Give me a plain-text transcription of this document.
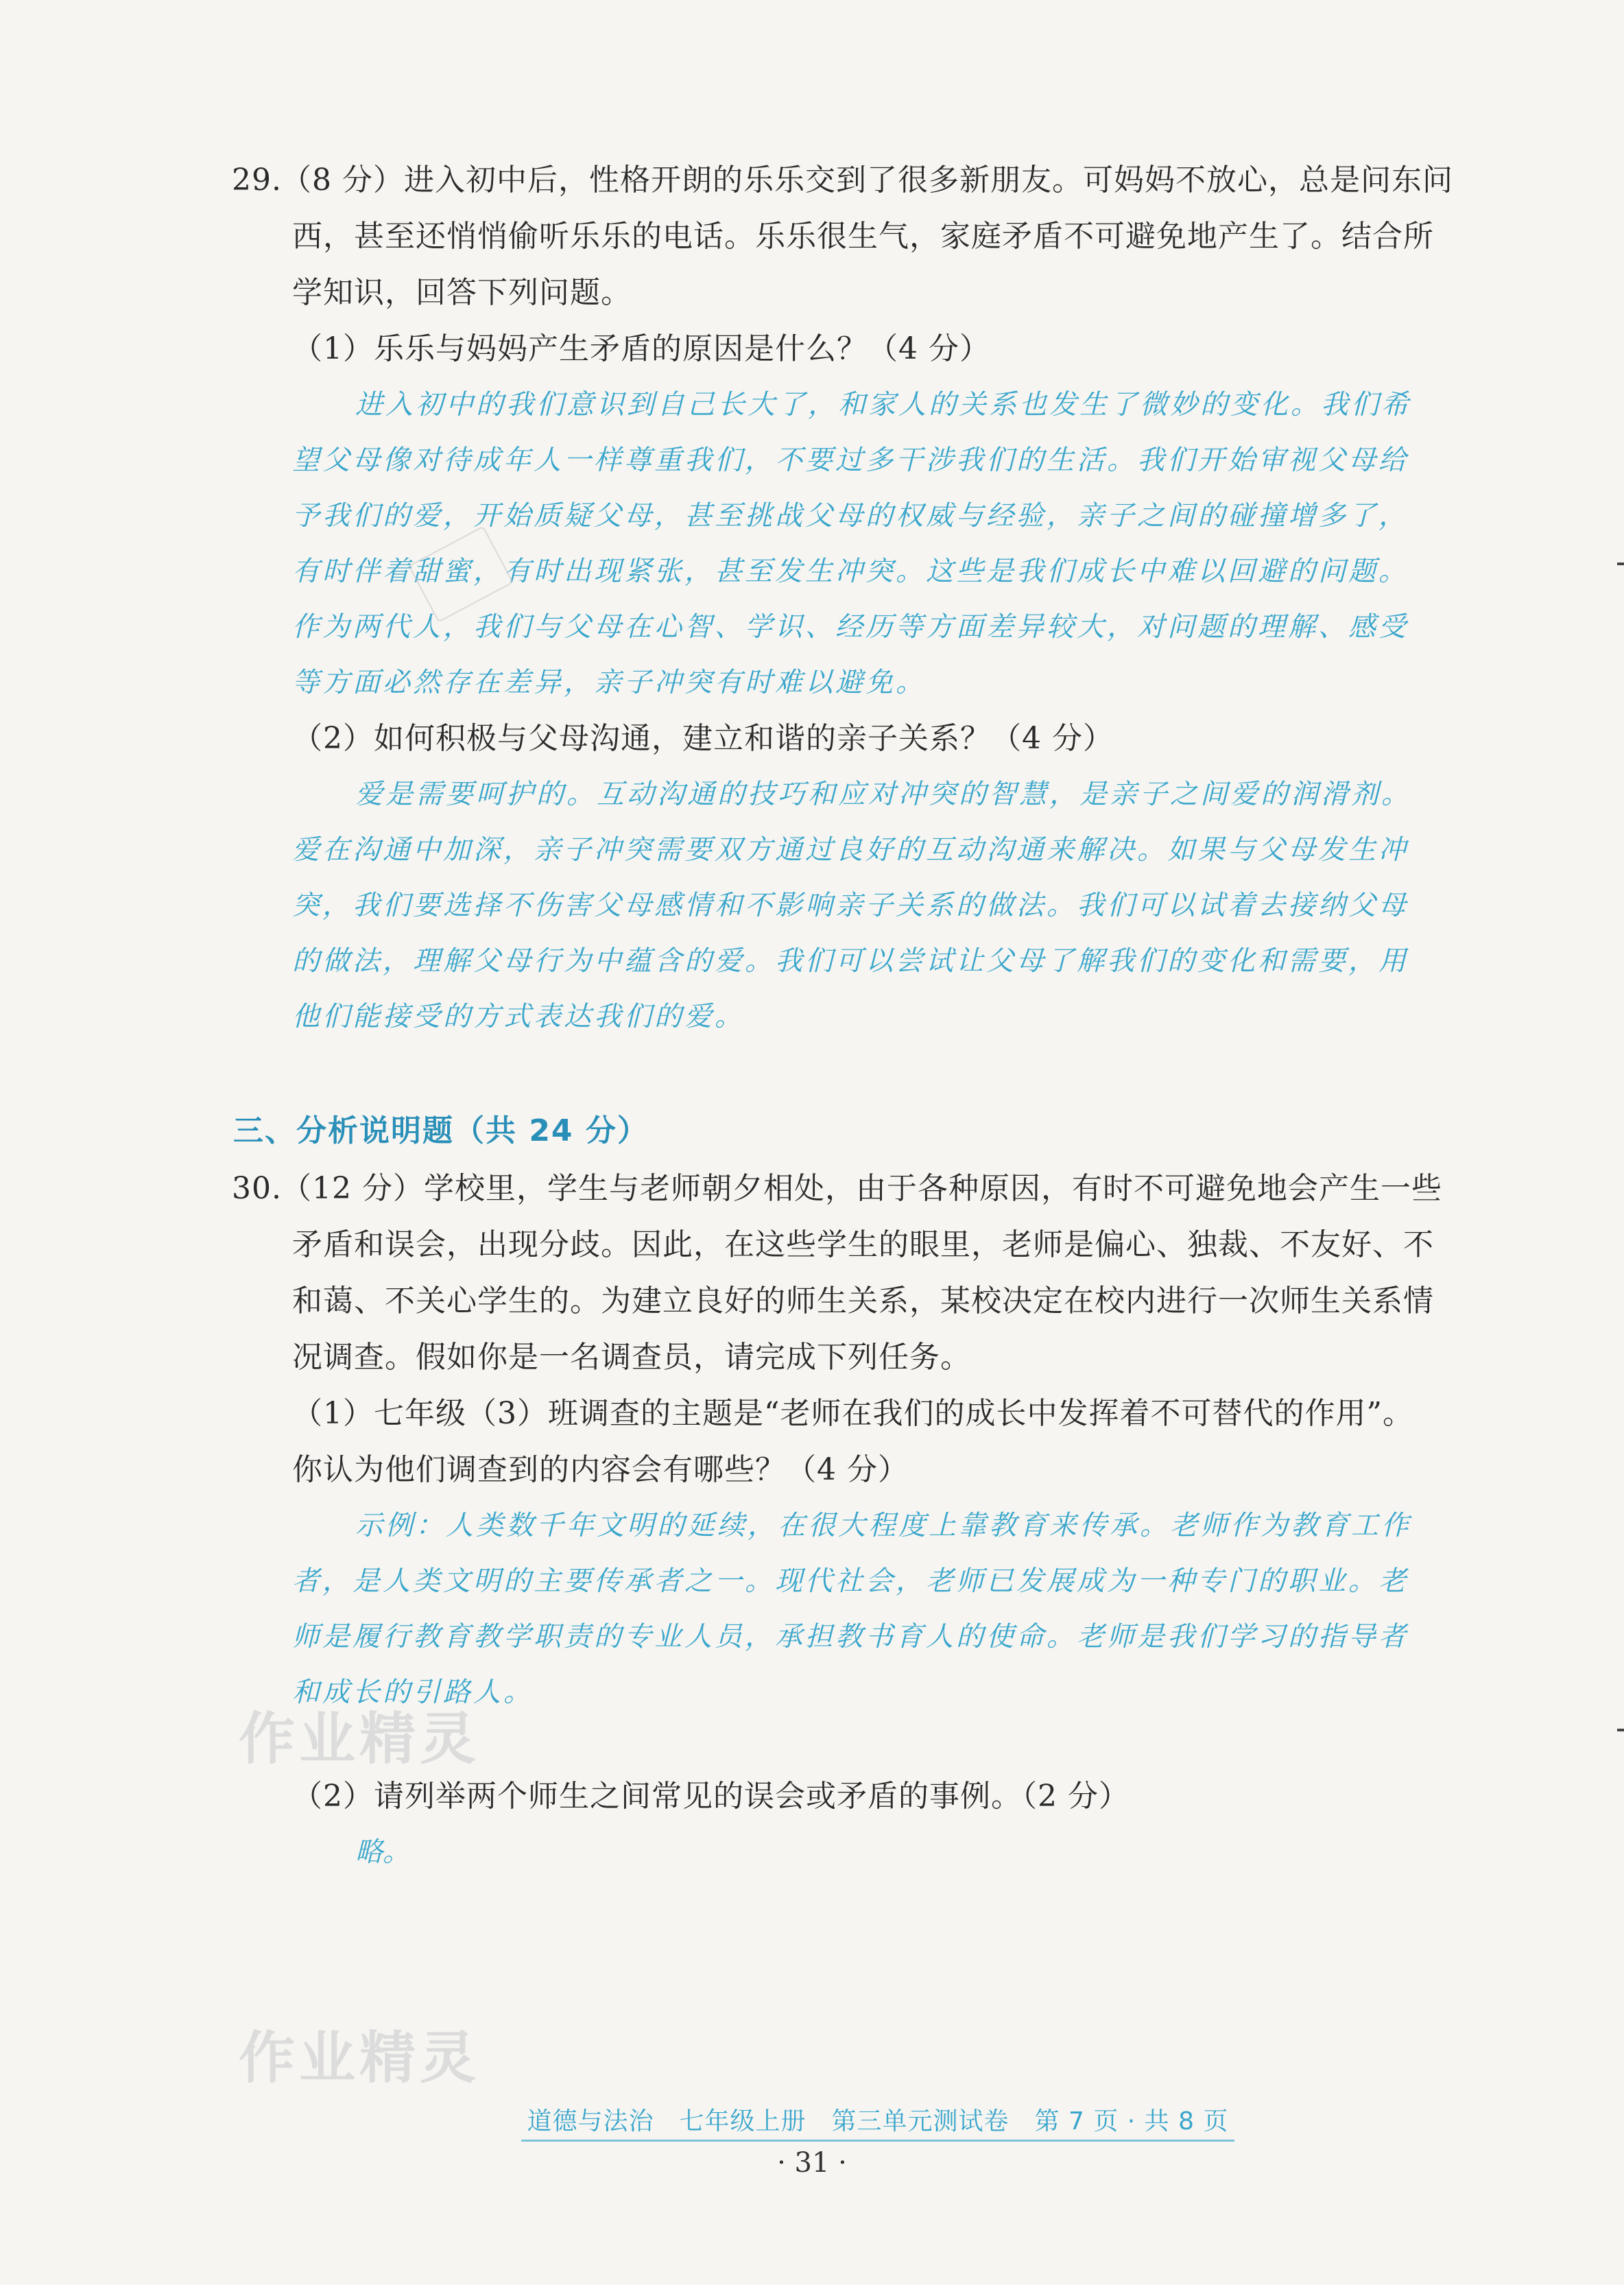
29. （8 分）进入初中后，性格开朗的乐乐交到了很多新朋友。可妈妈不放心，总是问东问
西，甚至还悄悄偷听乐乐的电话。乐乐很生气，家庭矛盾不可避免地产生了。结合所
学知识，回答下列问题。
（1）乐乐与妈妈产生矛盾的原因是什么？（4 分）
进入初中的我们意识到自己长大了，和家人的关系也发生了微妙的变化。我们希
望父母像对待成年人一样尊重我们，不要过多干涉我们的生活。我们开始审视父母给
予我们的爱，开始质疑父母，甚至挑战父母的权威与经验，亲子之间的碰撞增多了，
有时伴着甜蜜，有时出现紧张，甚至发生冲突。这些是我们成长中难以回避的问题。
作为两代人，我们与父母在心智、学识、经历等方面差异较大，对问题的理解、感受
等方面必然存在差异，亲子冲突有时难以避免。
（2）如何积极与父母沟通，建立和谐的亲子关系？（4 分）
爱是需要呵护的。互动沟通的技巧和应对冲突的智慧，是亲子之间爱的润滑剂。
爱在沟通中加深，亲子冲突需要双方通过良好的互动沟通来解决。如果与父母发生冲
突，我们要选择不伤害父母感情和不影响亲子关系的做法。我们可以试着去接纳父母
的做法，理解父母行为中蕴含的爱。我们可以尝试让父母了解我们的变化和需要，用
他们能接受的方式表达我们的爱。
三、分析说明题（共 24 分）
30. （12 分）学校里，学生与老师朝夕相处，由于各种原因，有时不可避免地会产生一些
矛盾和误会，出现分歧。因此，在这些学生的眼里，老师是偏心、独裁、不友好、不
和蔼、不关心学生的。为建立良好的师生关系，某校决定在校内进行一次师生关系情
况调查。假如你是一名调查员，请完成下列任务。
（1）七年级（3）班调查的主题是“老师在我们的成长中发挥着不可替代的作用”。
你认为他们调查到的内容会有哪些？（4 分）
示例：人类数千年文明的延续，在很大程度上靠教育来传承。老师作为教育工作
者，是人类文明的主要传承者之一。现代社会，老师已发展成为一种专门的职业。老
师是履行教育教学职责的专业人员，承担教书育人的使命。老师是我们学习的指导者
和成长的引路人。
（2）请列举两个师生之间常见的误会或矛盾的事例。（2 分）
略。
作业精灵
作业精灵
道德与法治　七年级上册　第三单元测试卷　第 7 页 · 共 8 页
· 31 ·
